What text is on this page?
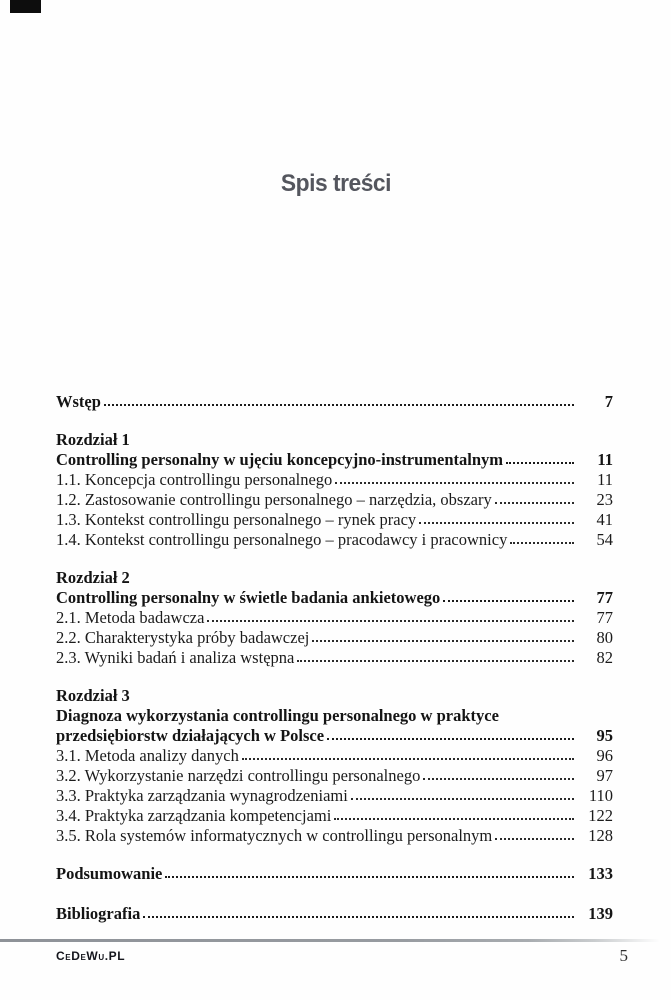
Spis treści
Wstęp	7
Rozdział 1
Controlling personalny w ujęciu koncepcyjno-instrumentalnym	11
1.1. Koncepcja controllingu personalnego	11
1.2. Zastosowanie controllingu personalnego – narzędzia, obszary	23
1.3. Kontekst controllingu personalnego – rynek pracy	41
1.4. Kontekst controllingu personalnego – pracodawcy i pracownicy	54
Rozdział 2
Controlling personalny w świetle badania ankietowego	77
2.1. Metoda badawcza	77
2.2. Charakterystyka próby badawczej	80
2.3. Wyniki badań i analiza wstępna	82
Rozdział 3
Diagnoza wykorzystania controllingu personalnego w praktyce
przedsiębiorstw działających w Polsce	95
3.1. Metoda analizy danych	96
3.2. Wykorzystanie narzędzi controllingu personalnego	97
3.3. Praktyka zarządzania wynagrodzeniami	110
3.4. Praktyka zarządzania kompetencjami	122
3.5. Rola systemów informatycznych w controllingu personalnym	128
Podsumowanie	133
Bibliografia	139
CeDeWu.PL	5
